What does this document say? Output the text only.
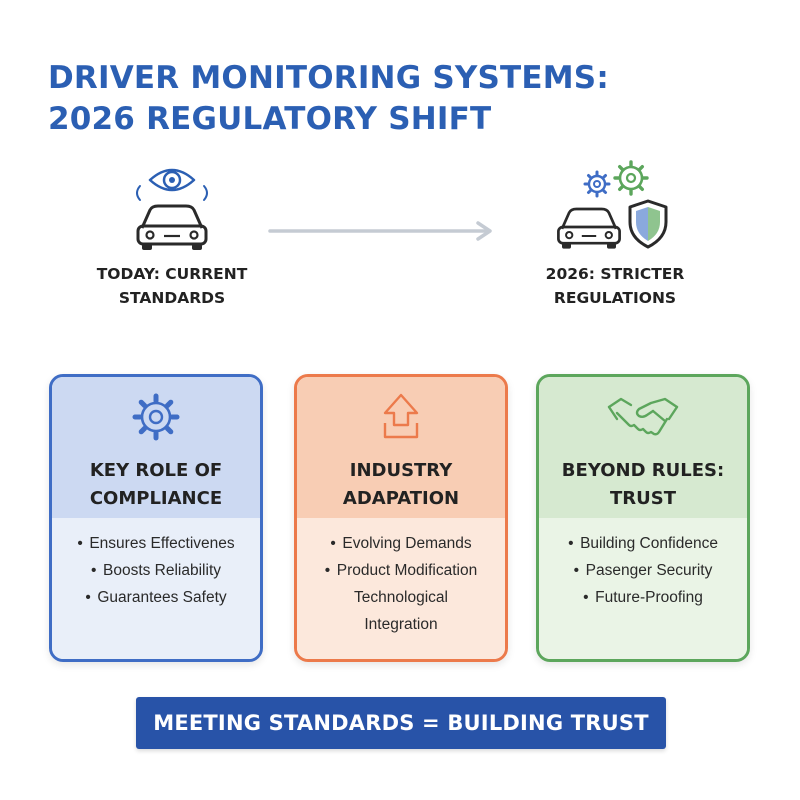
DRIVER MONITORING SYSTEMS:
2026 REGULATORY SHIFT
TODAY: CURRENT
STANDARDS
2026: STRICTER
REGULATIONS
KEY ROLE OF
COMPLIANCE
• Ensures Effectivenes
• Boosts Reliability
• Guarantees Safety
INDUSTRY
ADAPATION
• Evolving Demands
• Product Modification
Technological
Integration
BEYOND RULES:
TRUST
• Building Confidence
• Pasenger Security
• Future-Proofing
MEETING STANDARDS = BUILDING TRUST
